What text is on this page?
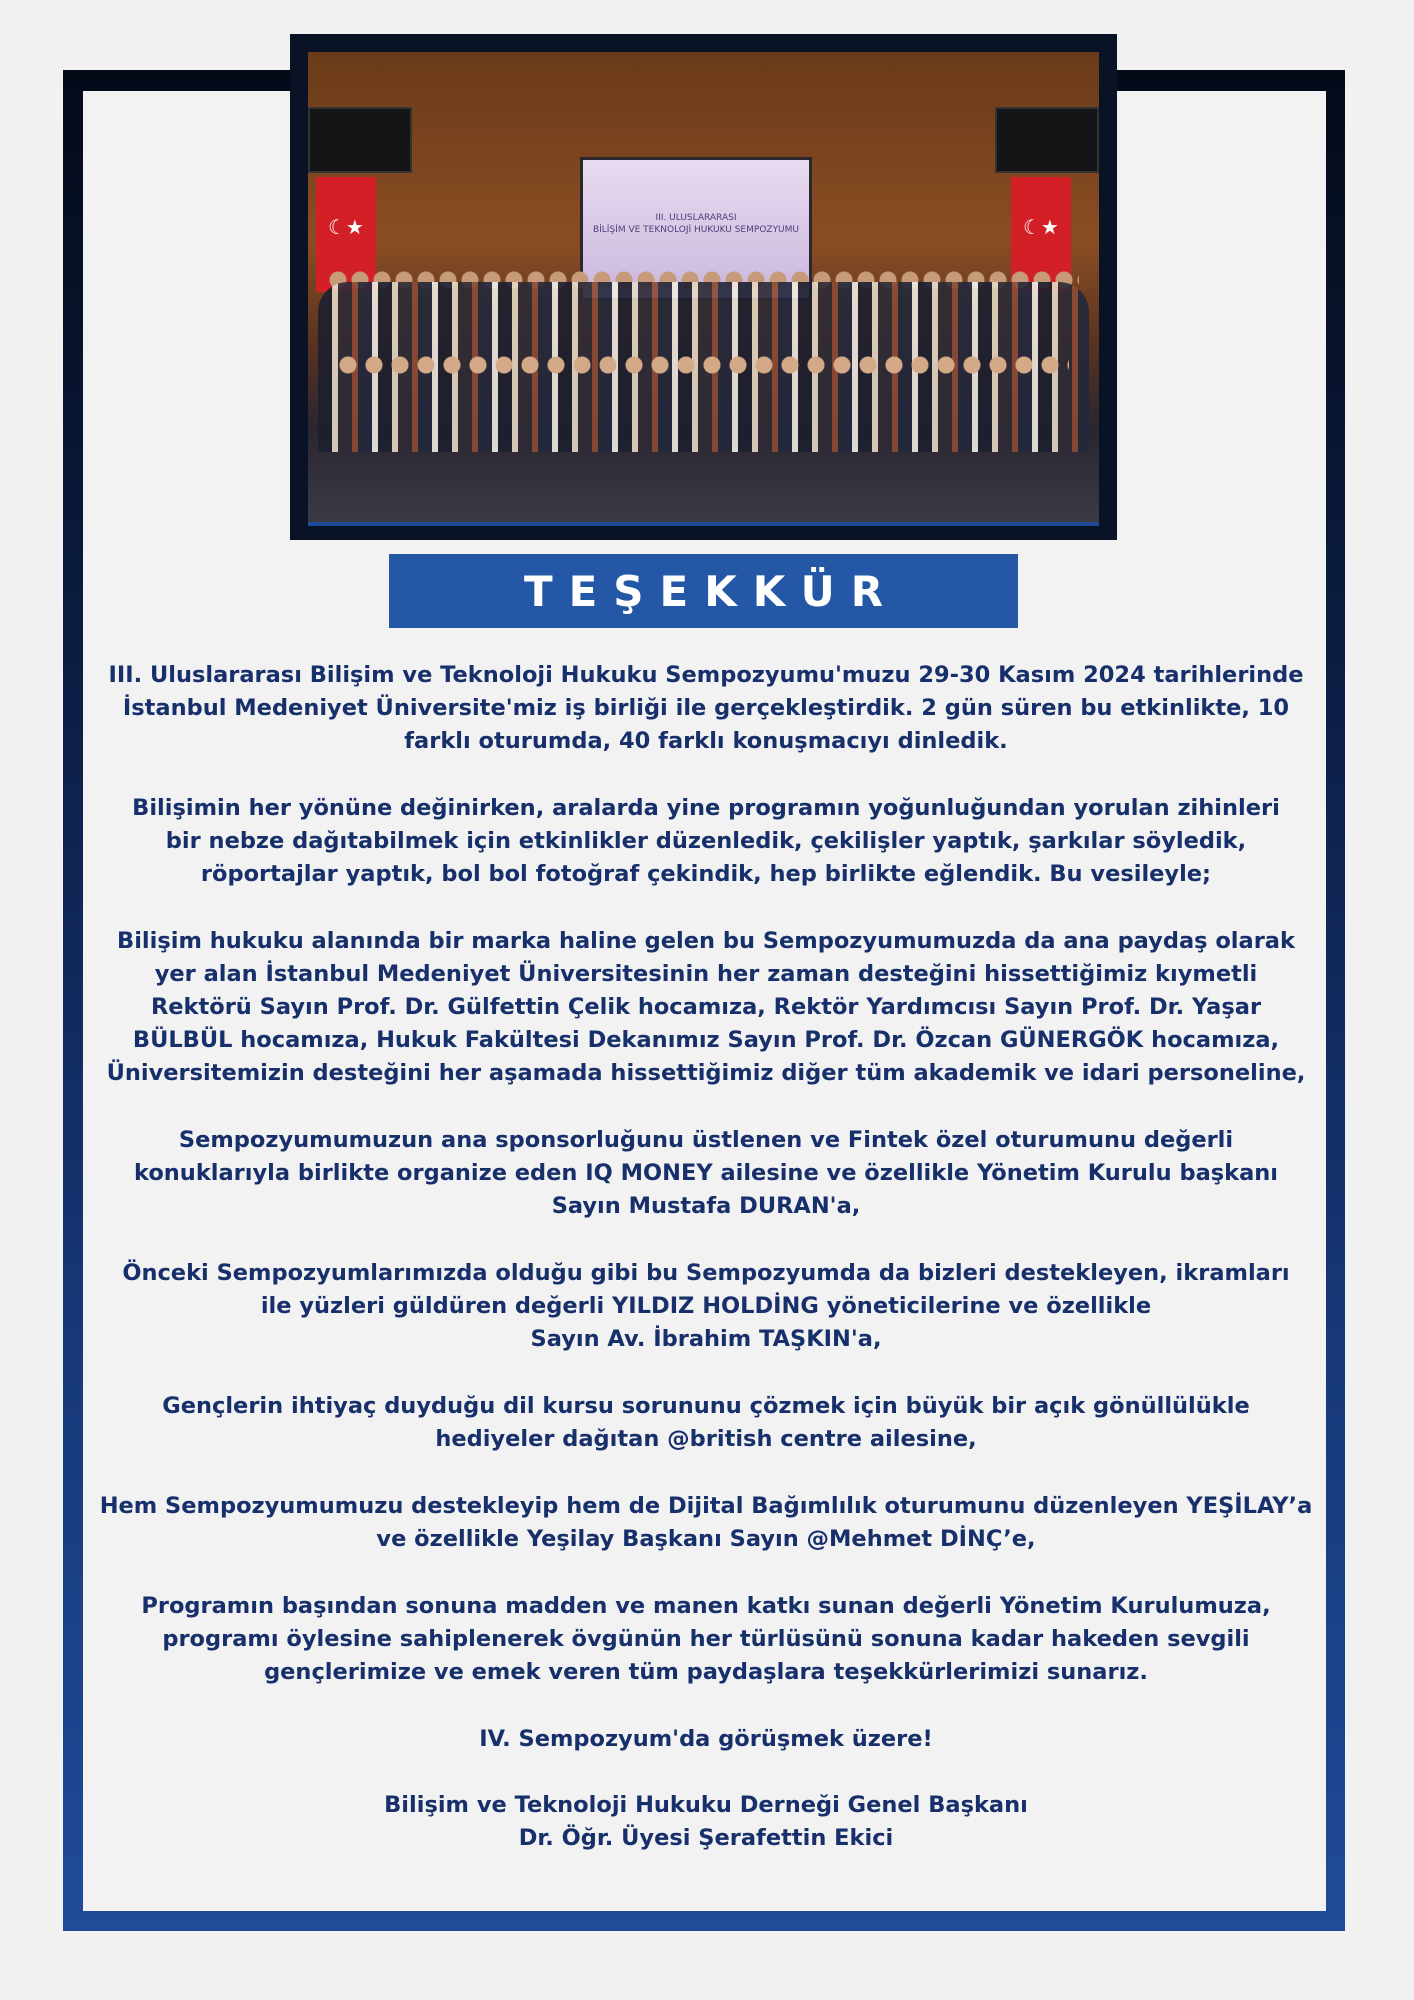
☾★
☾★
III. ULUSLARARASI
BİLİŞİM VE TEKNOLOJİ HUKUKU SEMPOZYUMU
TEŞEKKÜR

III. Uluslararası Bilişim ve Teknoloji Hukuku Sempozyumu'muzu 29-30 Kasım 2024 tarihlerinde
İstanbul Medeniyet Üniversite'miz iş birliği ile gerçekleştirdik. 2 gün süren bu etkinlikte, 10
farklı oturumda, 40 farklı konuşmacıyı dinledik.

Bilişimin her yönüne değinirken, aralarda yine programın yoğunluğundan yorulan zihinleri
bir nebze dağıtabilmek için etkinlikler düzenledik, çekilişler yaptık, şarkılar söyledik,
röportajlar yaptık, bol bol fotoğraf çekindik, hep birlikte eğlendik. Bu vesileyle;

Bilişim hukuku alanında bir marka haline gelen bu Sempozyumumuzda da ana paydaş olarak
yer alan İstanbul Medeniyet Üniversitesinin her zaman desteğini hissettiğimiz kıymetli
Rektörü Sayın Prof. Dr. Gülfettin Çelik hocamıza, Rektör Yardımcısı Sayın Prof. Dr. Yaşar
BÜLBÜL hocamıza, Hukuk Fakültesi Dekanımız Sayın Prof. Dr. Özcan GÜNERGÖK hocamıza,
Üniversitemizin desteğini her aşamada hissettiğimiz diğer tüm akademik ve idari personeline,

Sempozyumumuzun ana sponsorluğunu üstlenen ve Fintek özel oturumunu değerli
konuklarıyla birlikte organize eden IQ MONEY ailesine ve özellikle Yönetim Kurulu başkanı
Sayın Mustafa DURAN'a,

Önceki Sempozyumlarımızda olduğu gibi bu Sempozyumda da bizleri destekleyen, ikramları
ile yüzleri güldüren değerli YILDIZ HOLDİNG yöneticilerine ve özellikle
Sayın Av. İbrahim TAŞKIN'a,

Gençlerin ihtiyaç duyduğu dil kursu sorununu çözmek için büyük bir açık gönüllülükle
hediyeler dağıtan @british centre ailesine,

Hem Sempozyumumuzu destekleyip hem de Dijital Bağımlılık oturumunu düzenleyen YEŞİLAY’a
ve özellikle Yeşilay Başkanı Sayın @Mehmet DİNÇ’e,

Programın başından sonuna madden ve manen katkı sunan değerli Yönetim Kurulumuza,
programı öylesine sahiplenerek övgünün her türlüsünü sonuna kadar hakeden sevgili
gençlerimize ve emek veren tüm paydaşlara teşekkürlerimizi sunarız.

IV. Sempozyum'da görüşmek üzere!

Bilişim ve Teknoloji Hukuku Derneği Genel Başkanı
Dr. Öğr. Üyesi Şerafettin Ekici
